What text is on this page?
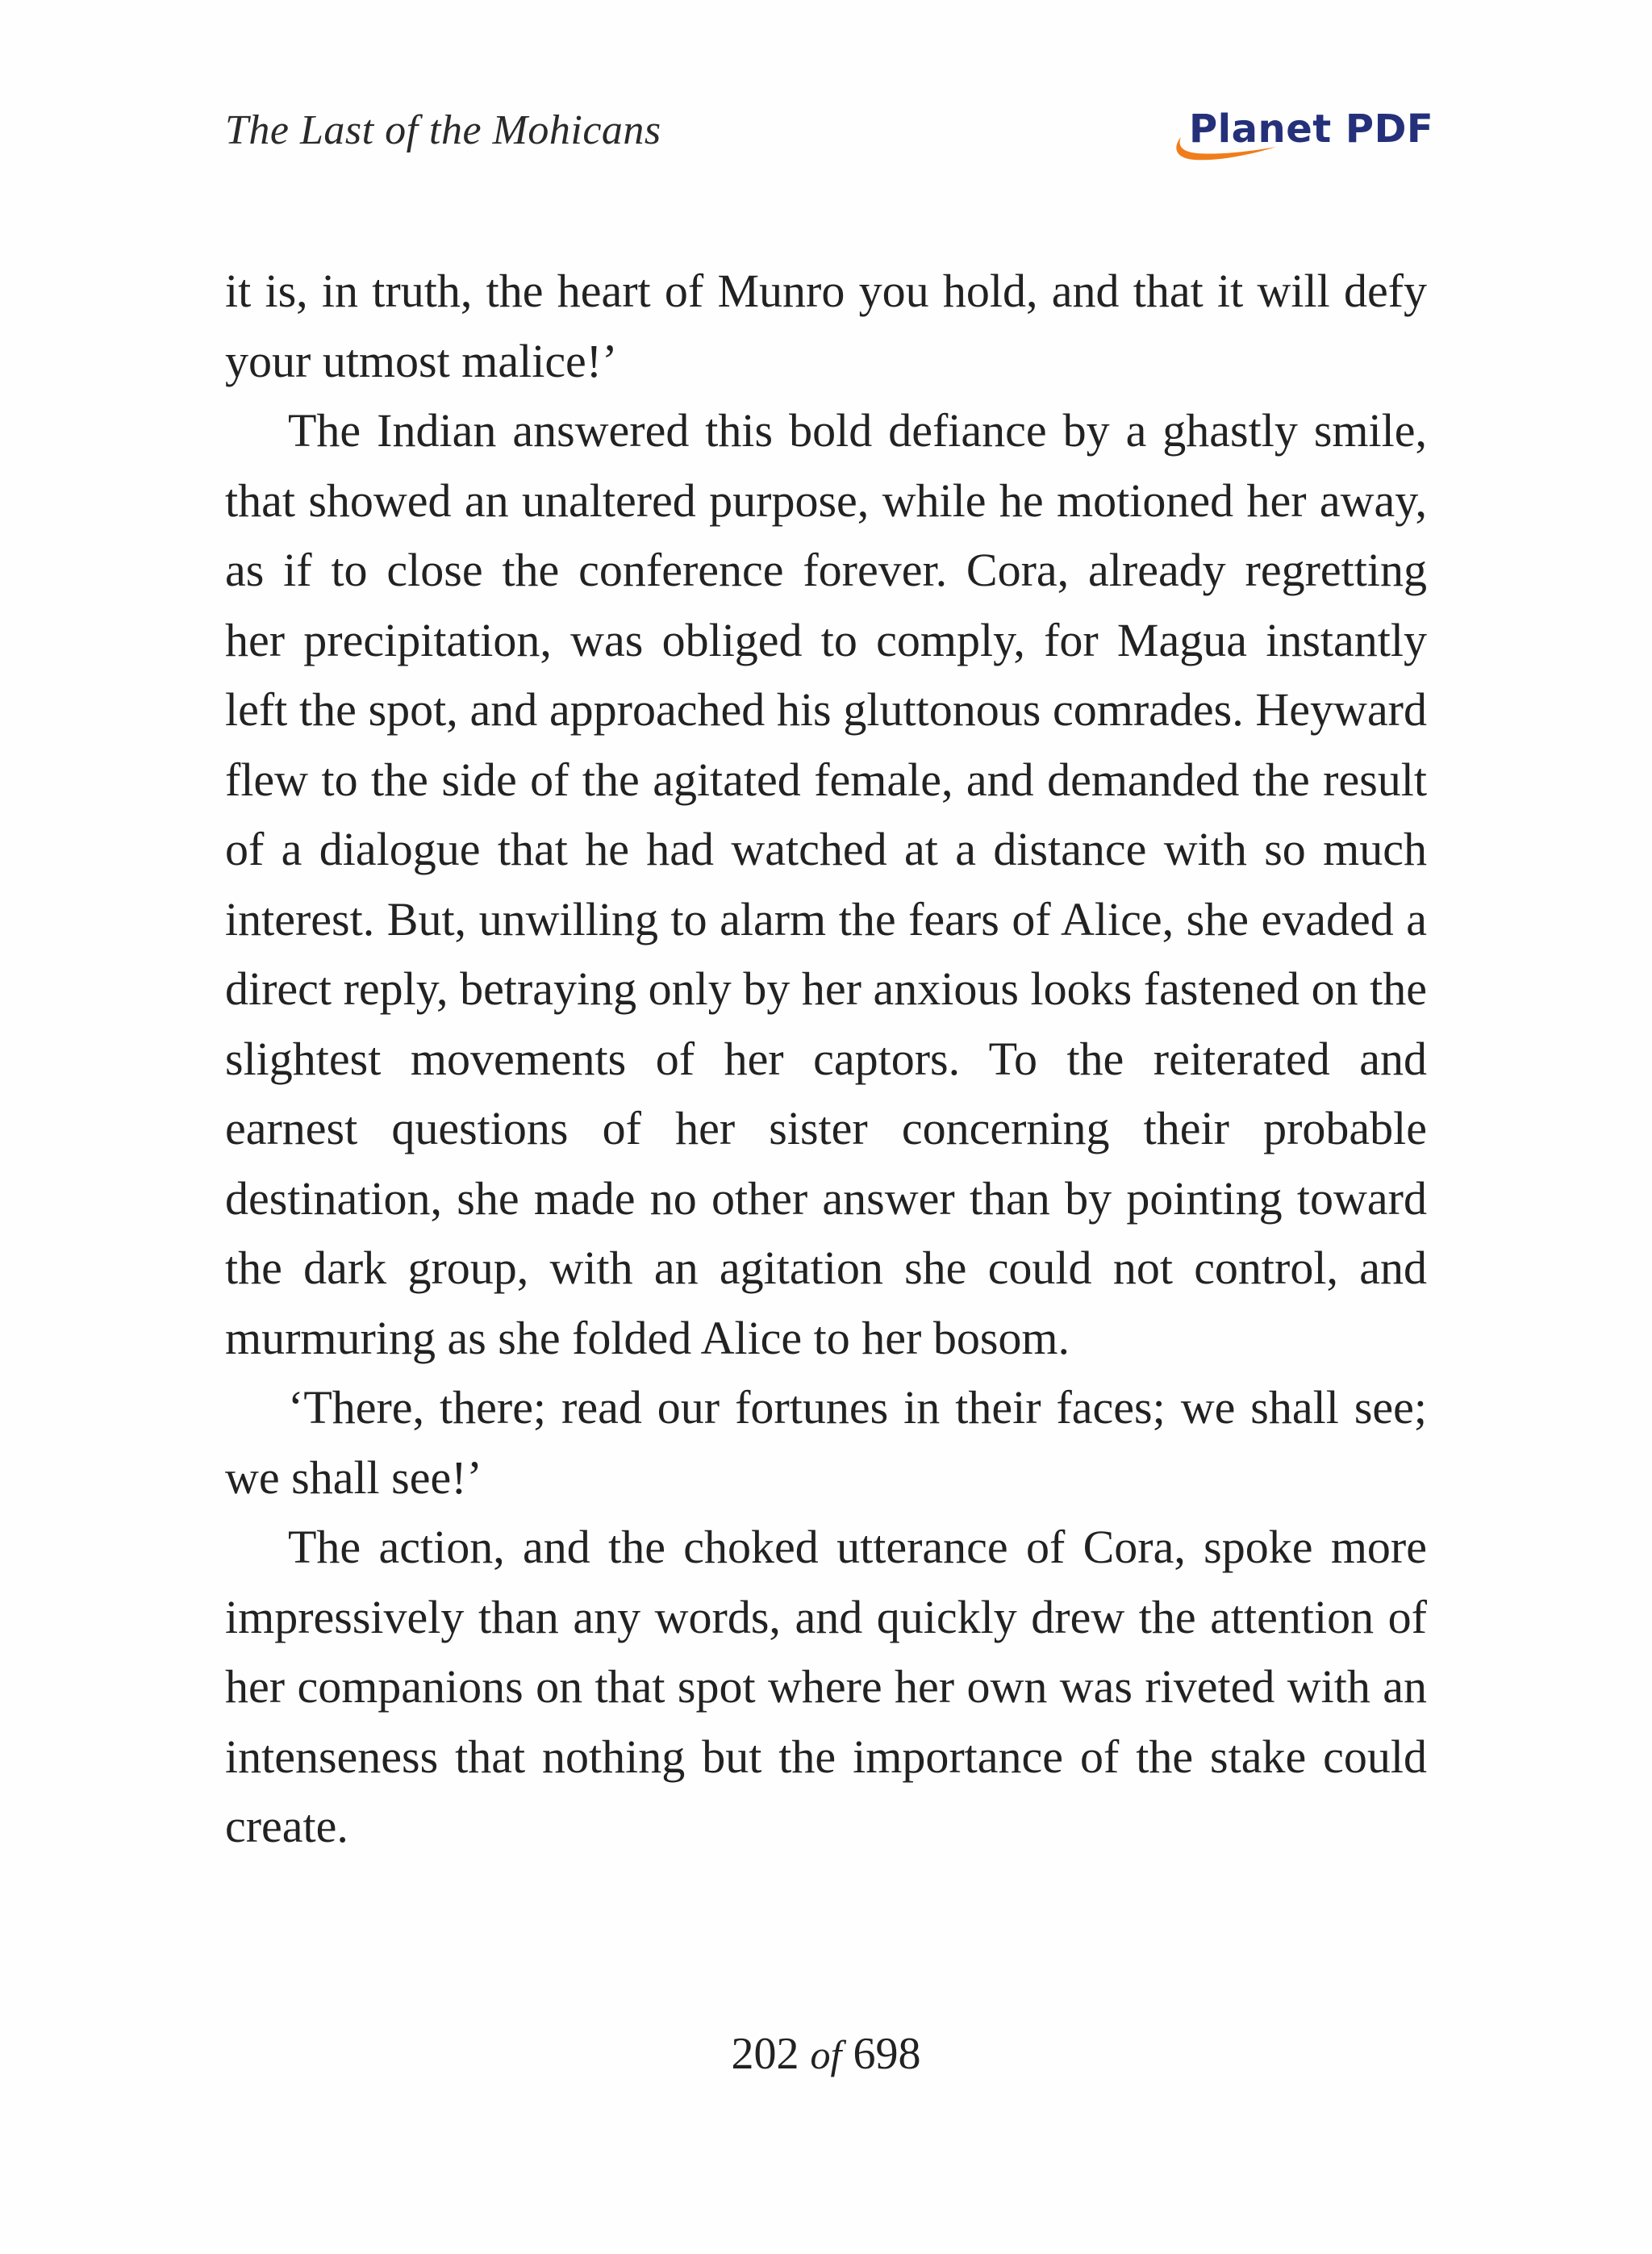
The Last of the Mohicans	Planet PDF

it is, in truth, the heart of Munro you hold, and that it will defy your utmost malice!’

The Indian answered this bold defiance by a ghastly smile, that showed an unaltered purpose, while he motioned her away, as if to close the conference forever. Cora, already regretting her precipitation, was obliged to comply, for Magua instantly left the spot, and approached his gluttonous comrades. Heyward flew to the side of the agitated female, and demanded the result of a dialogue that he had watched at a distance with so much interest. But, unwilling to alarm the fears of Alice, she evaded a direct reply, betraying only by her anxious looks fastened on the slightest movements of her captors. To the reiterated and earnest questions of her sister concerning their probable destination, she made no other answer than by pointing toward the dark group, with an agitation she could not control, and murmuring as she folded Alice to her bosom.

‘There, there; read our fortunes in their faces; we shall see; we shall see!’

The action, and the choked utterance of Cora, spoke more impressively than any words, and quickly drew the attention of her companions on that spot where her own was riveted with an intenseness that nothing but the importance of the stake could create.

202 of 698
